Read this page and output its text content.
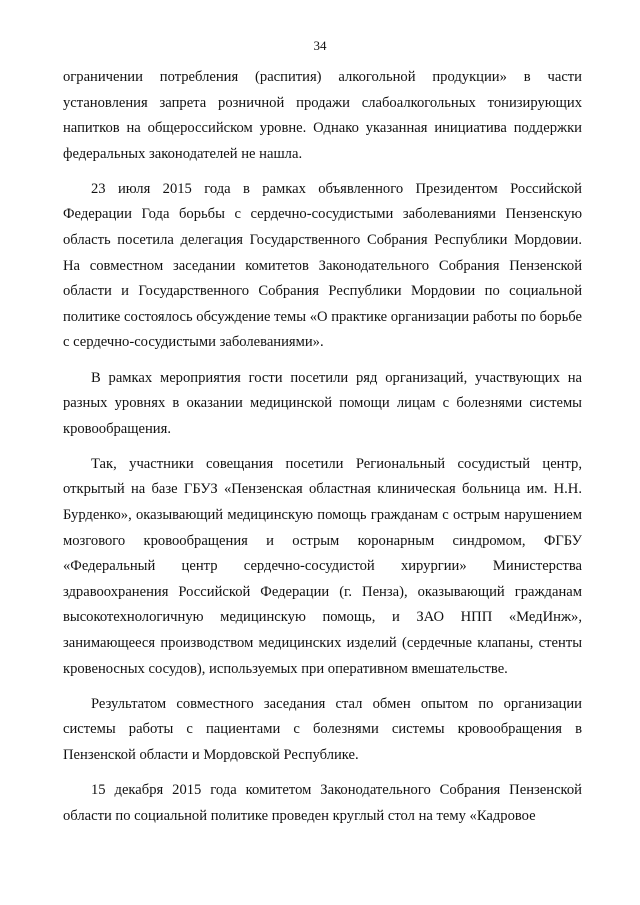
34

ограничении потребления (распития) алкогольной продукции» в части установления запрета розничной продажи слабоалкогольных тонизирующих напитков на общероссийском уровне. Однако указанная инициатива поддержки федеральных законодателей не нашла.

23 июля 2015 года в рамках объявленного Президентом Российской Федерации Года борьбы с сердечно-сосудистыми заболеваниями Пензенскую область посетила делегация Государственного Собрания Республики Мордовии. На совместном заседании комитетов Законодательного Собрания Пензенской области и Государственного Собрания Республики Мордовии по социальной политике состоялось обсуждение темы «О практике организации работы по борьбе с сердечно-сосудистыми заболеваниями».

В рамках мероприятия гости посетили ряд организаций, участвующих на разных уровнях в оказании медицинской помощи лицам с болезнями системы кровообращения.

Так, участники совещания посетили Региональный сосудистый центр, открытый на базе ГБУЗ «Пензенская областная клиническая больница им. Н.Н. Бурденко», оказывающий медицинскую помощь гражданам с острым нарушением мозгового кровообращения и острым коронарным синдромом, ФГБУ «Федеральный центр сердечно-сосудистой хирургии» Министерства здравоохранения Российской Федерации (г. Пенза), оказывающий гражданам высокотехнологичную медицинскую помощь, и ЗАО НПП «МедИнж», занимающееся производством медицинских изделий (сердечные клапаны, стенты кровеносных сосудов), используемых при оперативном вмешательстве.

Результатом совместного заседания стал обмен опытом по организации системы работы с пациентами с болезнями системы кровообращения в Пензенской области и Мордовской Республике.

15 декабря 2015 года комитетом Законодательного Собрания Пензенской области по социальной политике проведен круглый стол на тему «Кадровое
